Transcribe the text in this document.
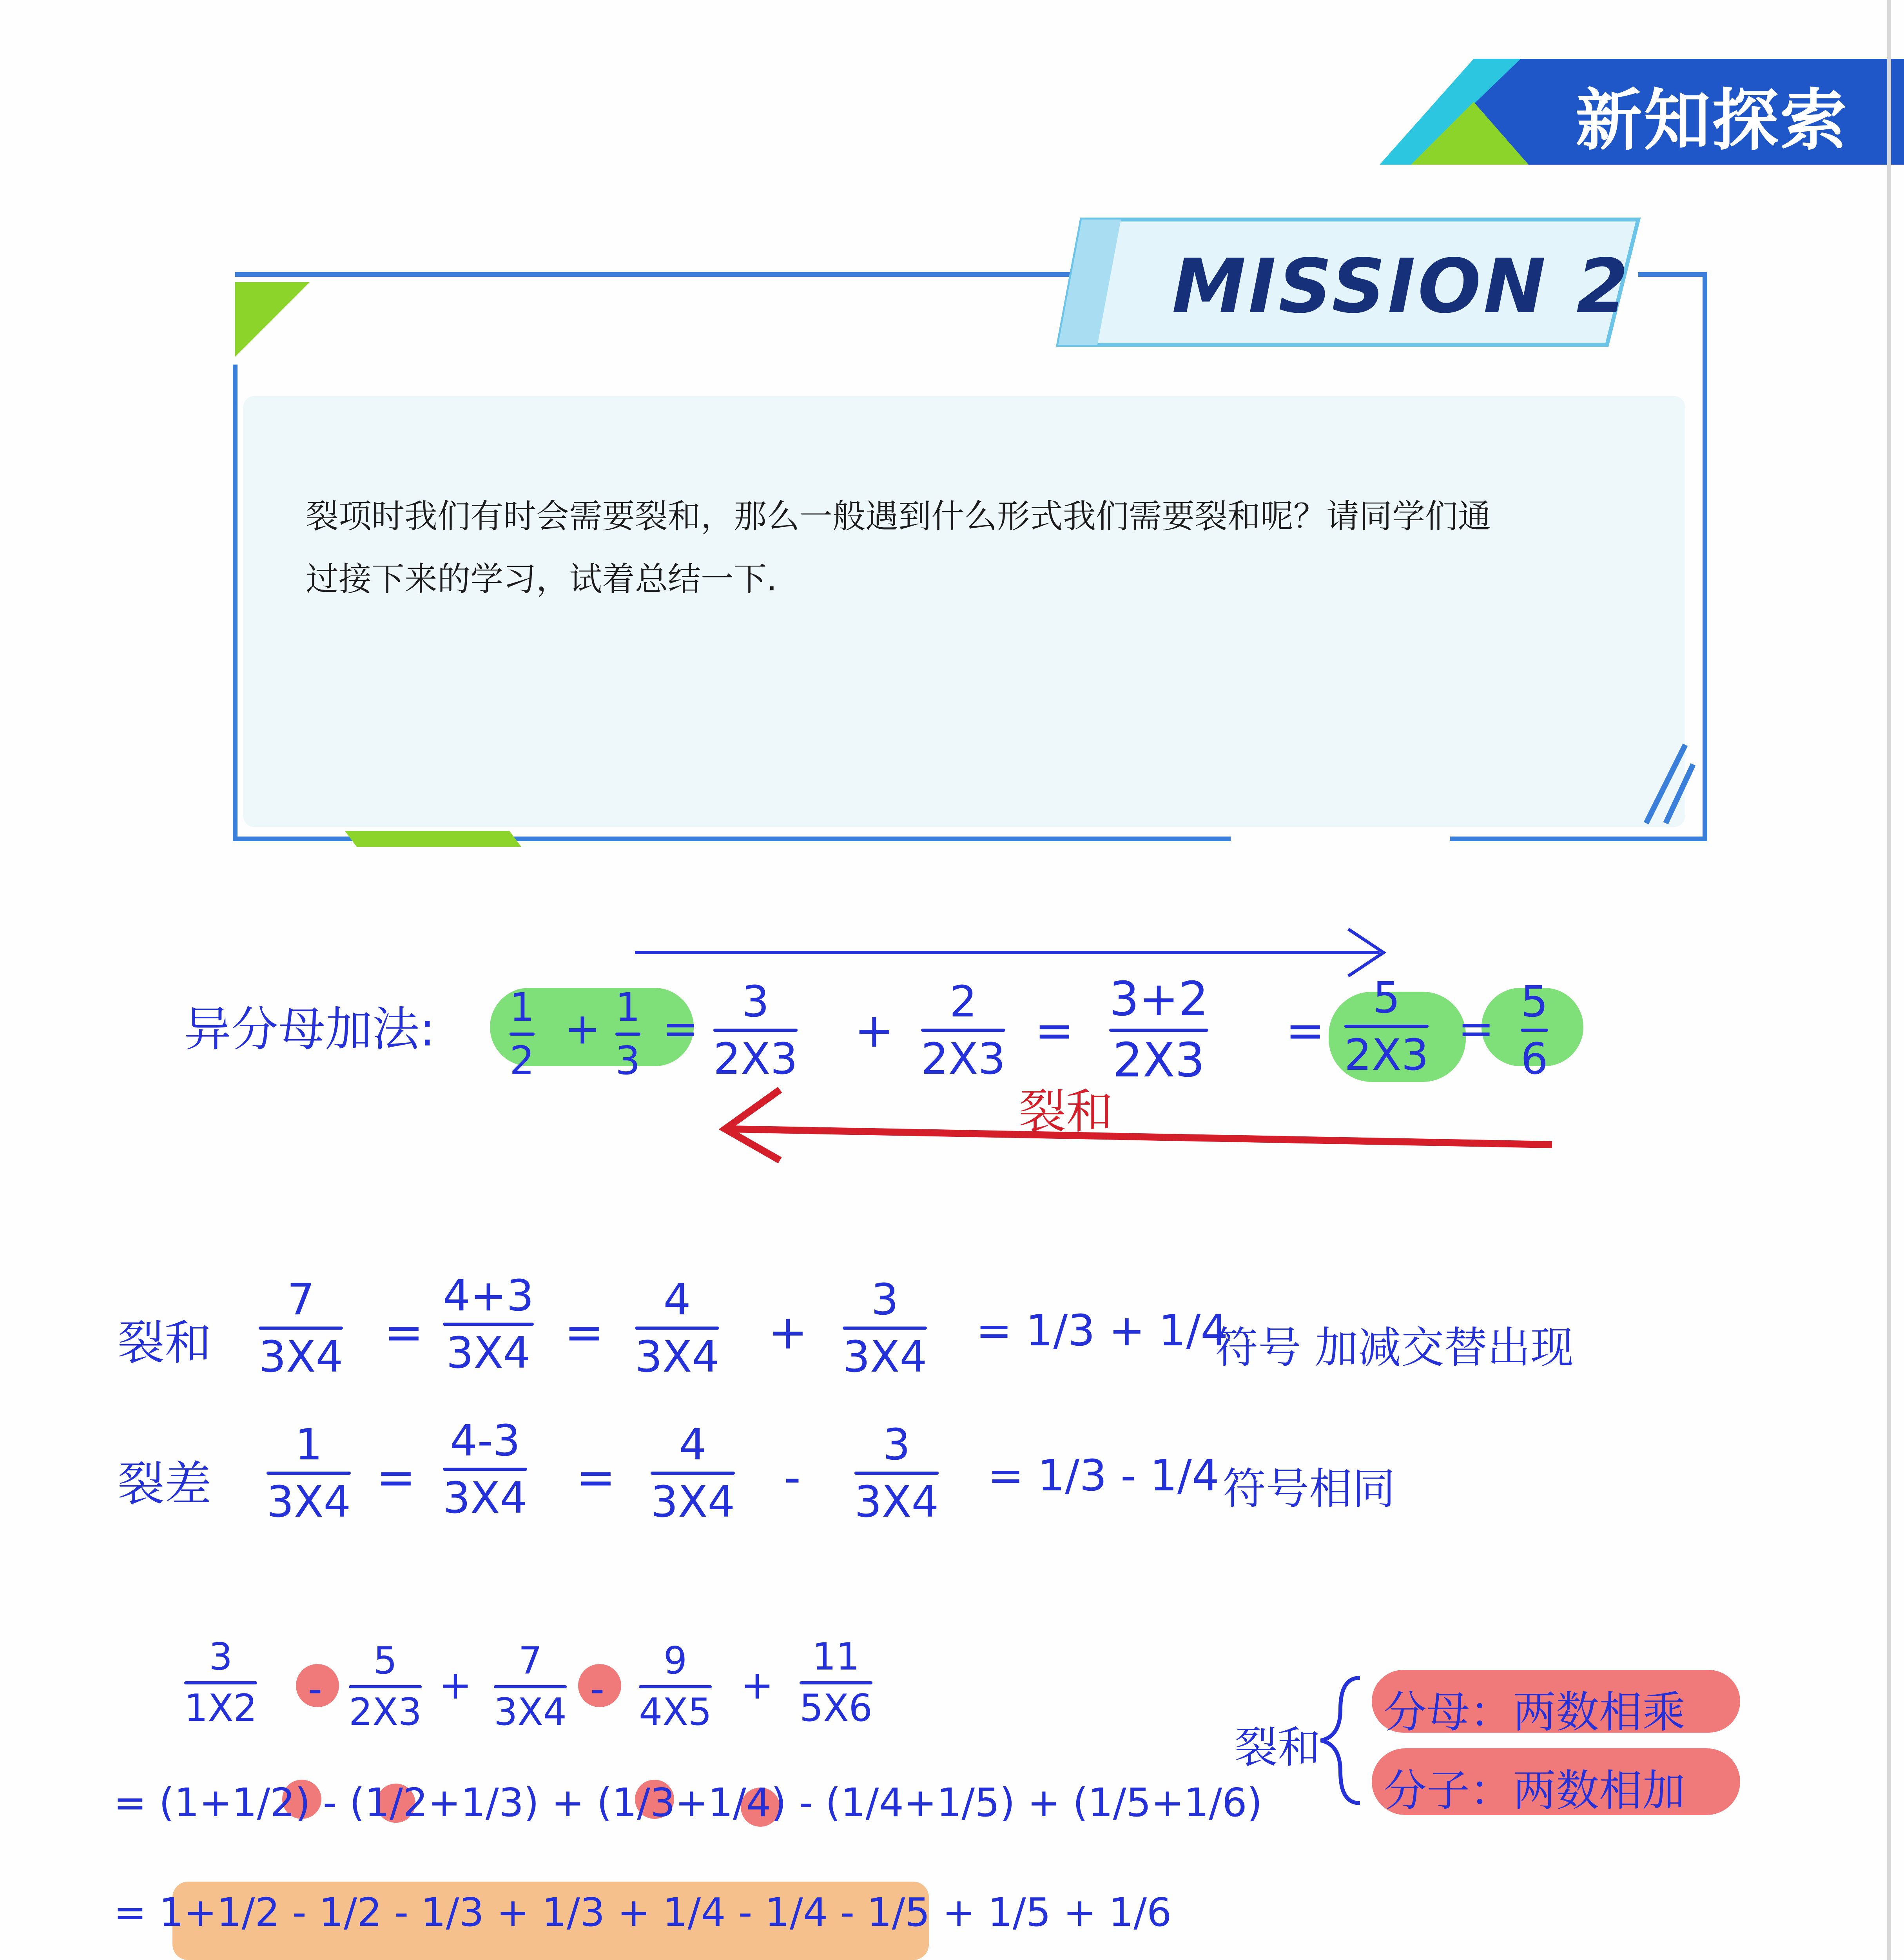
新知探索
MISSION 2
裂项时我们有时会需要裂和，那么一般遇到什么形式我们需要裂和呢？请同学们通
过接下来的学习，试着总结一下.
异分母加法: 1
2
+ 1
3
=
3
2X3
+
2
2X3
=
3+2
2X3
=
5
2X3
=
5
6
裂和
裂和
7
3X4 =
4+3
3X4 =
4
3X4 +
3
3X4
= 1/3 + 1/4
符号 加减交替出现
裂差
1
3X4 =
4-3
3X4 =
4
3X4 -
3
3X4
= 1/3 - 1/4 符号相同
3
1X2 -
5
2X3
+
7
3X4
-
9
4X5
+
11
5X6
= (1+1/2) - (1/2+1/3) + (1/3+1/4) - (1/4+1/5) + (1/5+1/6)
= 1+1/2 - 1/2 - 1/3 + 1/3 + 1/4 - 1/4 - 1/5 + 1/5 + 1/6
裂和
分母：两数相乘
分子：两数相加
